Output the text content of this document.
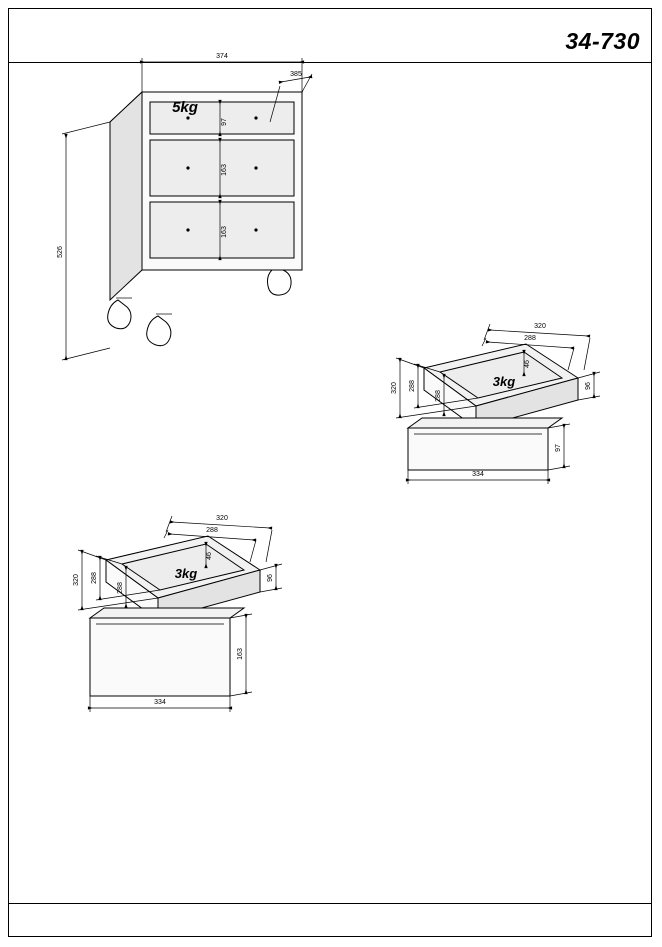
34-730
5kg
374
385
526
97
163
163
3kg
320
288
320 288
288
46
96
334
97
3kg
320
288
320 288
288
46
96
334
163
